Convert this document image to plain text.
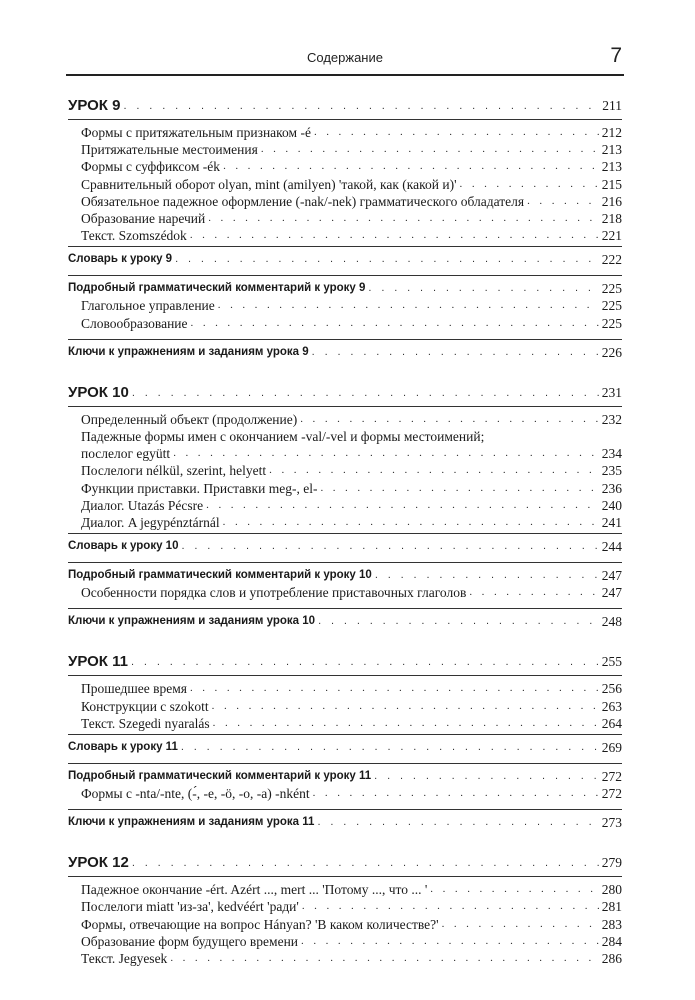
Содержание	7
УРОК 9 . . .	211
Формы с притяжательным признаком -é . . .	212
Притяжательные местоимения . . .	213
Формы с суффиксом -ék . . .	213
Сравнительный оборот olyan, mint (amilyen) 'такой, как (какой и)' . . .	215
Обязательное падежное оформление (-nak/-nek) грамматического обладателя . . .	216
Образование наречий . . .	218
Текст. Szomszédok . . .	221
Словарь к уроку 9 . . .	222
Подробный грамматический комментарий к уроку 9 . . .	225
Глагольное управление . . .	225
Словообразование . . .	225
Ключи к упражнениям и заданиям урока 9 . . .	226
УРОК 10 . . .	231
Определенный объект (продолжение) . . .	232
Падежные формы имен с окончанием -val/-vel и формы местоимений;
послелог együtt . . .	234
Послелоги nélkül, szerint, helyett . . .	235
Функции приставки. Приставки meg-, el- . . .	236
Диалог. Utazás Pécsre . . .	240
Диалог. A jegypénztárnál . . .	241
Словарь к уроку 10 . . .	244
Подробный грамматический комментарий к уроку 10 . . .	247
Особенности порядка слов и употребление приставочных глаголов . . .	247
Ключи к упражнениям и заданиям урока 10 . . .	248
УРОК 11 . . .	255
Прошедшее время . . .	256
Конструкции с szokott . . .	263
Текст. Szegedi nyaralás . . .	264
Словарь к уроку 11 . . .	269
Подробный грамматический комментарий к уроку 11 . . .	272
Формы с -nta/-nte, (-́, -e, -ö, -o, -a) -nként . . .	272
Ключи к упражнениям и заданиям урока 11 . . .	273
УРОК 12 . . .	279
Падежное окончание -ért. Azért ..., mert ... 'Потому ..., что ... ' . . .	280
Послелоги miatt 'из-за', kedvéért 'ради' . . .	281
Формы, отвечающие на вопрос Hányan? 'В каком количестве?' . . .	283
Образование форм будущего времени . . .	284
Текст. Jegyesek . . .	286
